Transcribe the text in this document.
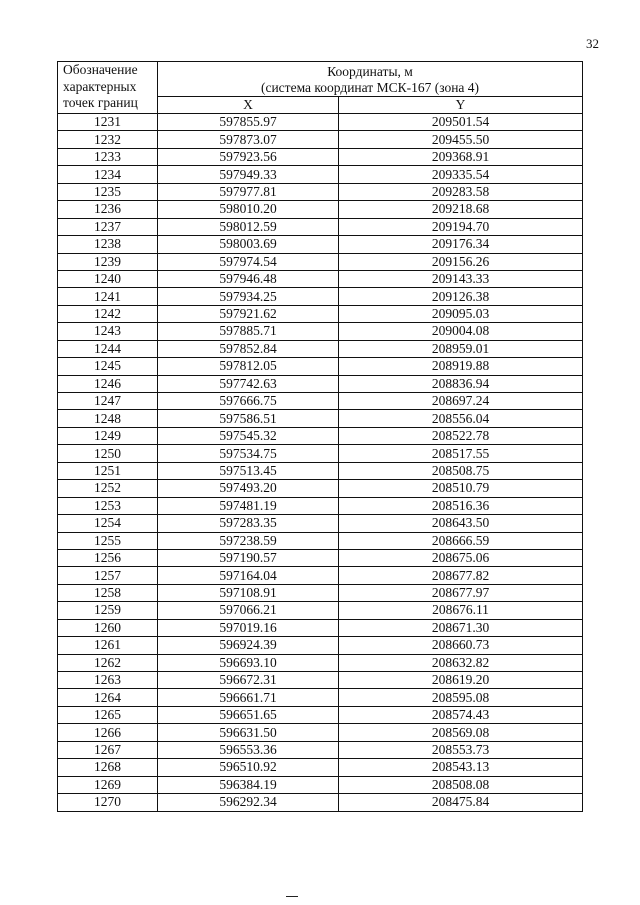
32
Обозначение
характерных
точек границ	Координаты, м
(система координат МСК-167 (зона 4)	
	X	Y
1231	597855.97	209501.54
1232	597873.07	209455.50
1233	597923.56	209368.91
1234	597949.33	209335.54
1235	597977.81	209283.58
1236	598010.20	209218.68
1237	598012.59	209194.70
1238	598003.69	209176.34
1239	597974.54	209156.26
1240	597946.48	209143.33
1241	597934.25	209126.38
1242	597921.62	209095.03
1243	597885.71	209004.08
1244	597852.84	208959.01
1245	597812.05	208919.88
1246	597742.63	208836.94
1247	597666.75	208697.24
1248	597586.51	208556.04
1249	597545.32	208522.78
1250	597534.75	208517.55
1251	597513.45	208508.75
1252	597493.20	208510.79
1253	597481.19	208516.36
1254	597283.35	208643.50
1255	597238.59	208666.59
1256	597190.57	208675.06
1257	597164.04	208677.82
1258	597108.91	208677.97
1259	597066.21	208676.11
1260	597019.16	208671.30
1261	596924.39	208660.73
1262	596693.10	208632.82
1263	596672.31	208619.20
1264	596661.71	208595.08
1265	596651.65	208574.43
1266	596631.50	208569.08
1267	596553.36	208553.73
1268	596510.92	208543.13
1269	596384.19	208508.08
1270	596292.34	208475.84
